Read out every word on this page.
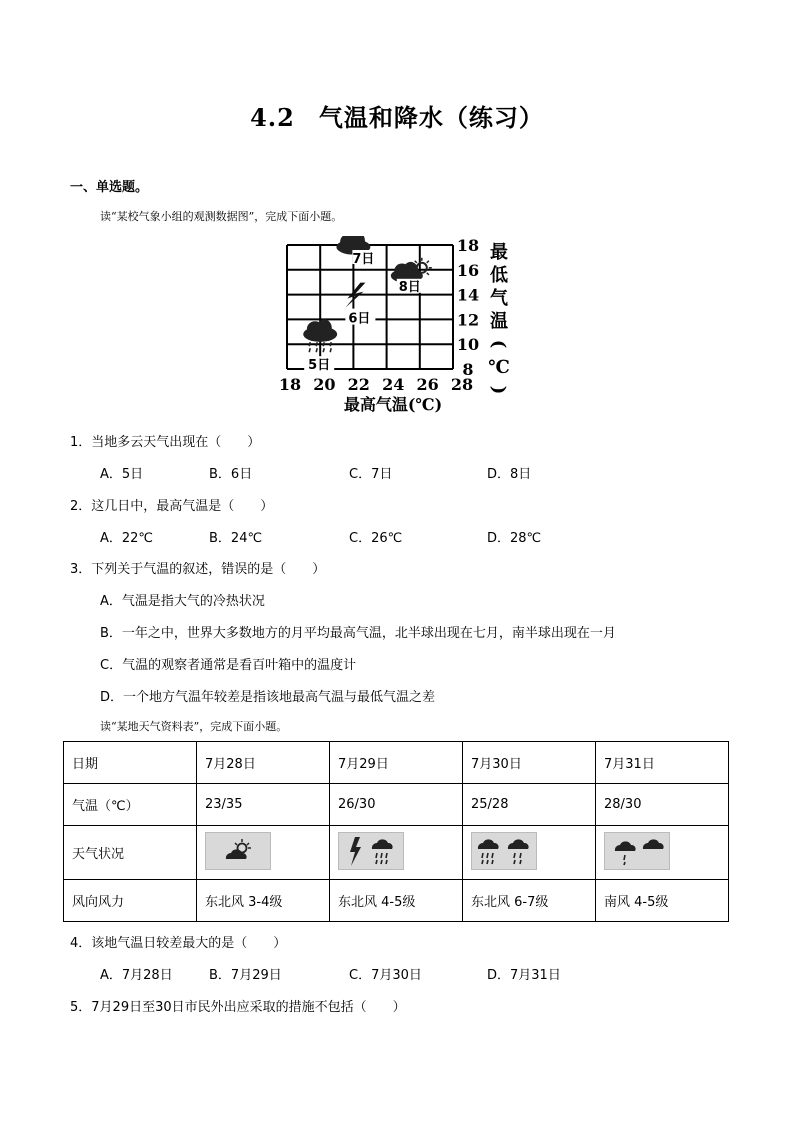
4.2 气温和降水（练习）
一、单选题。
读“某校气象小组的观测数据图”，完成下面小题。
18
16
14
12
10
8
18 20 22 24 26 28
最
低
气
温
(
℃
)
最高气温(℃)
5日
6日
7日
8日
1．当地多云天气出现在（　　）
A．5日	B．6日	C．7日	D．8日
2．这几日中，最高气温是（　　）
A．22℃	B．24℃	C．26℃	D．28℃
3．下列关于气温的叙述，错误的是（　　）
A．气温是指大气的冷热状况
B．一年之中，世界大多数地方的月平均最高气温，北半球出现在七月，南半球出现在一月
C．气温的观察者通常是看百叶箱中的温度计
D．一个地方气温年较差是指该地最高气温与最低气温之差
读“某地天气资料表”，完成下面小题。
日期	7月28日	7月29日	7月30日	7月31日
气温（℃）	23/35	26/30	25/28	28/30
天气状况	

风向风力	东北风 3-4级	东北风 4-5级	东北风 6-7级	南风 4-5级
4．该地气温日较差最大的是（　　）
A．7月28日	B．7月29日	C．7月30日	D．7月31日
5．7月29日至30日市民外出应采取的措施不包括（　　）
